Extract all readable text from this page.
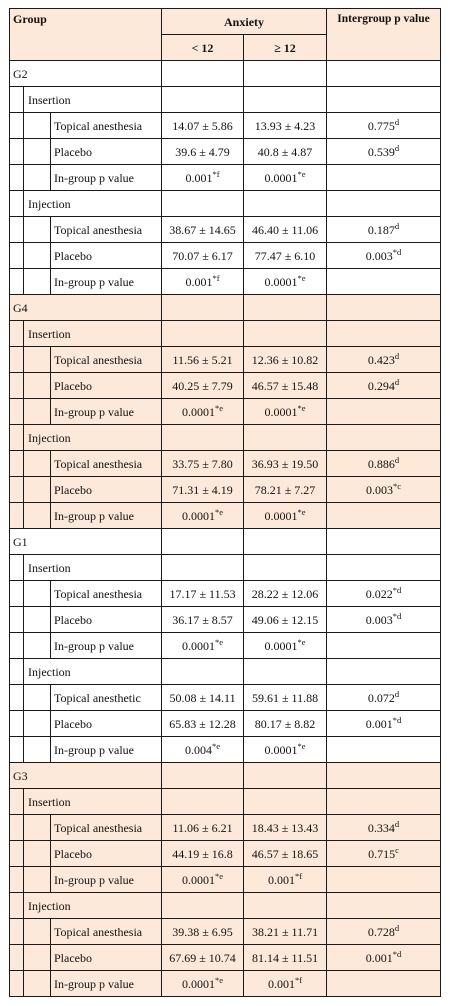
Group			Anxiety		Intergroup p value
			< 12	≥ 12	
G2					
	Insertion				
		Topical anesthesia	14.07 ± 5.86	13.93 ± 4.23	0.775$^d$
		Placebo	39.6 ± 4.79	40.8 ± 4.87	0.539$^d$
		In-group p value	0.001$^{*f}$	0.0001$^{*e}$	
	Injection				
		Topical anesthesia	38.67 ± 14.65	46.40 ± 11.06	0.187$^d$
		Placebo	70.07 ± 6.17	77.47 ± 6.10	0.003$^{*d}$
		In-group p value	0.001$^{*f}$	0.0001$^{*e}$	
G4					
	Insertion				
		Topical anesthesia	11.56 ± 5.21	12.36 ± 10.82	0.423$^d$
		Placebo	40.25 ± 7.79	46.57 ± 15.48	0.294$^d$
		In-group p value	0.0001$^{*e}$	0.0001$^{*e}$	
	Injection				
		Topical anesthesia	33.75 ± 7.80	36.93 ± 19.50	0.886$^d$
		Placebo	71.31 ± 4.19	78.21 ± 7.27	0.003$^{*c}$
		In-group p value	0.0001$^{*e}$	0.0001$^{*e}$	
G1					
	Insertion				
		Topical anesthesia	17.17 ± 11.53	28.22 ± 12.06	0.022$^{*d}$
		Placebo	36.17 ± 8.57	49.06 ± 12.15	0.003$^{*d}$
		In-group p value	0.0001$^{*e}$	0.0001$^{*e}$	
	Injection				
		Topical anesthetic	50.08 ± 14.11	59.61 ± 11.88	0.072$^d$
		Placebo	65.83 ± 12.28	80.17 ± 8.82	0.001$^{*d}$
		In-group p value	0.004$^{*e}$	0.0001$^{*e}$	
G3					
	Insertion				
		Topical anesthesia	11.06 ± 6.21	18.43 ± 13.43	0.334$^d$
		Placebo	44.19 ± 16.8	46.57 ± 18.65	0.715$^c$
		In-group p value	0.0001$^{*e}$	0.001$^{*f}$	
	Injection				
		Topical anesthesia	39.38 ± 6.95	38.21 ± 11.71	0.728$^d$
		Placebo	67.69 ± 10.74	81.14 ± 11.51	0.001$^{*d}$
		In-group p value	0.0001$^{*e}$	0.001$^{*f}$	
